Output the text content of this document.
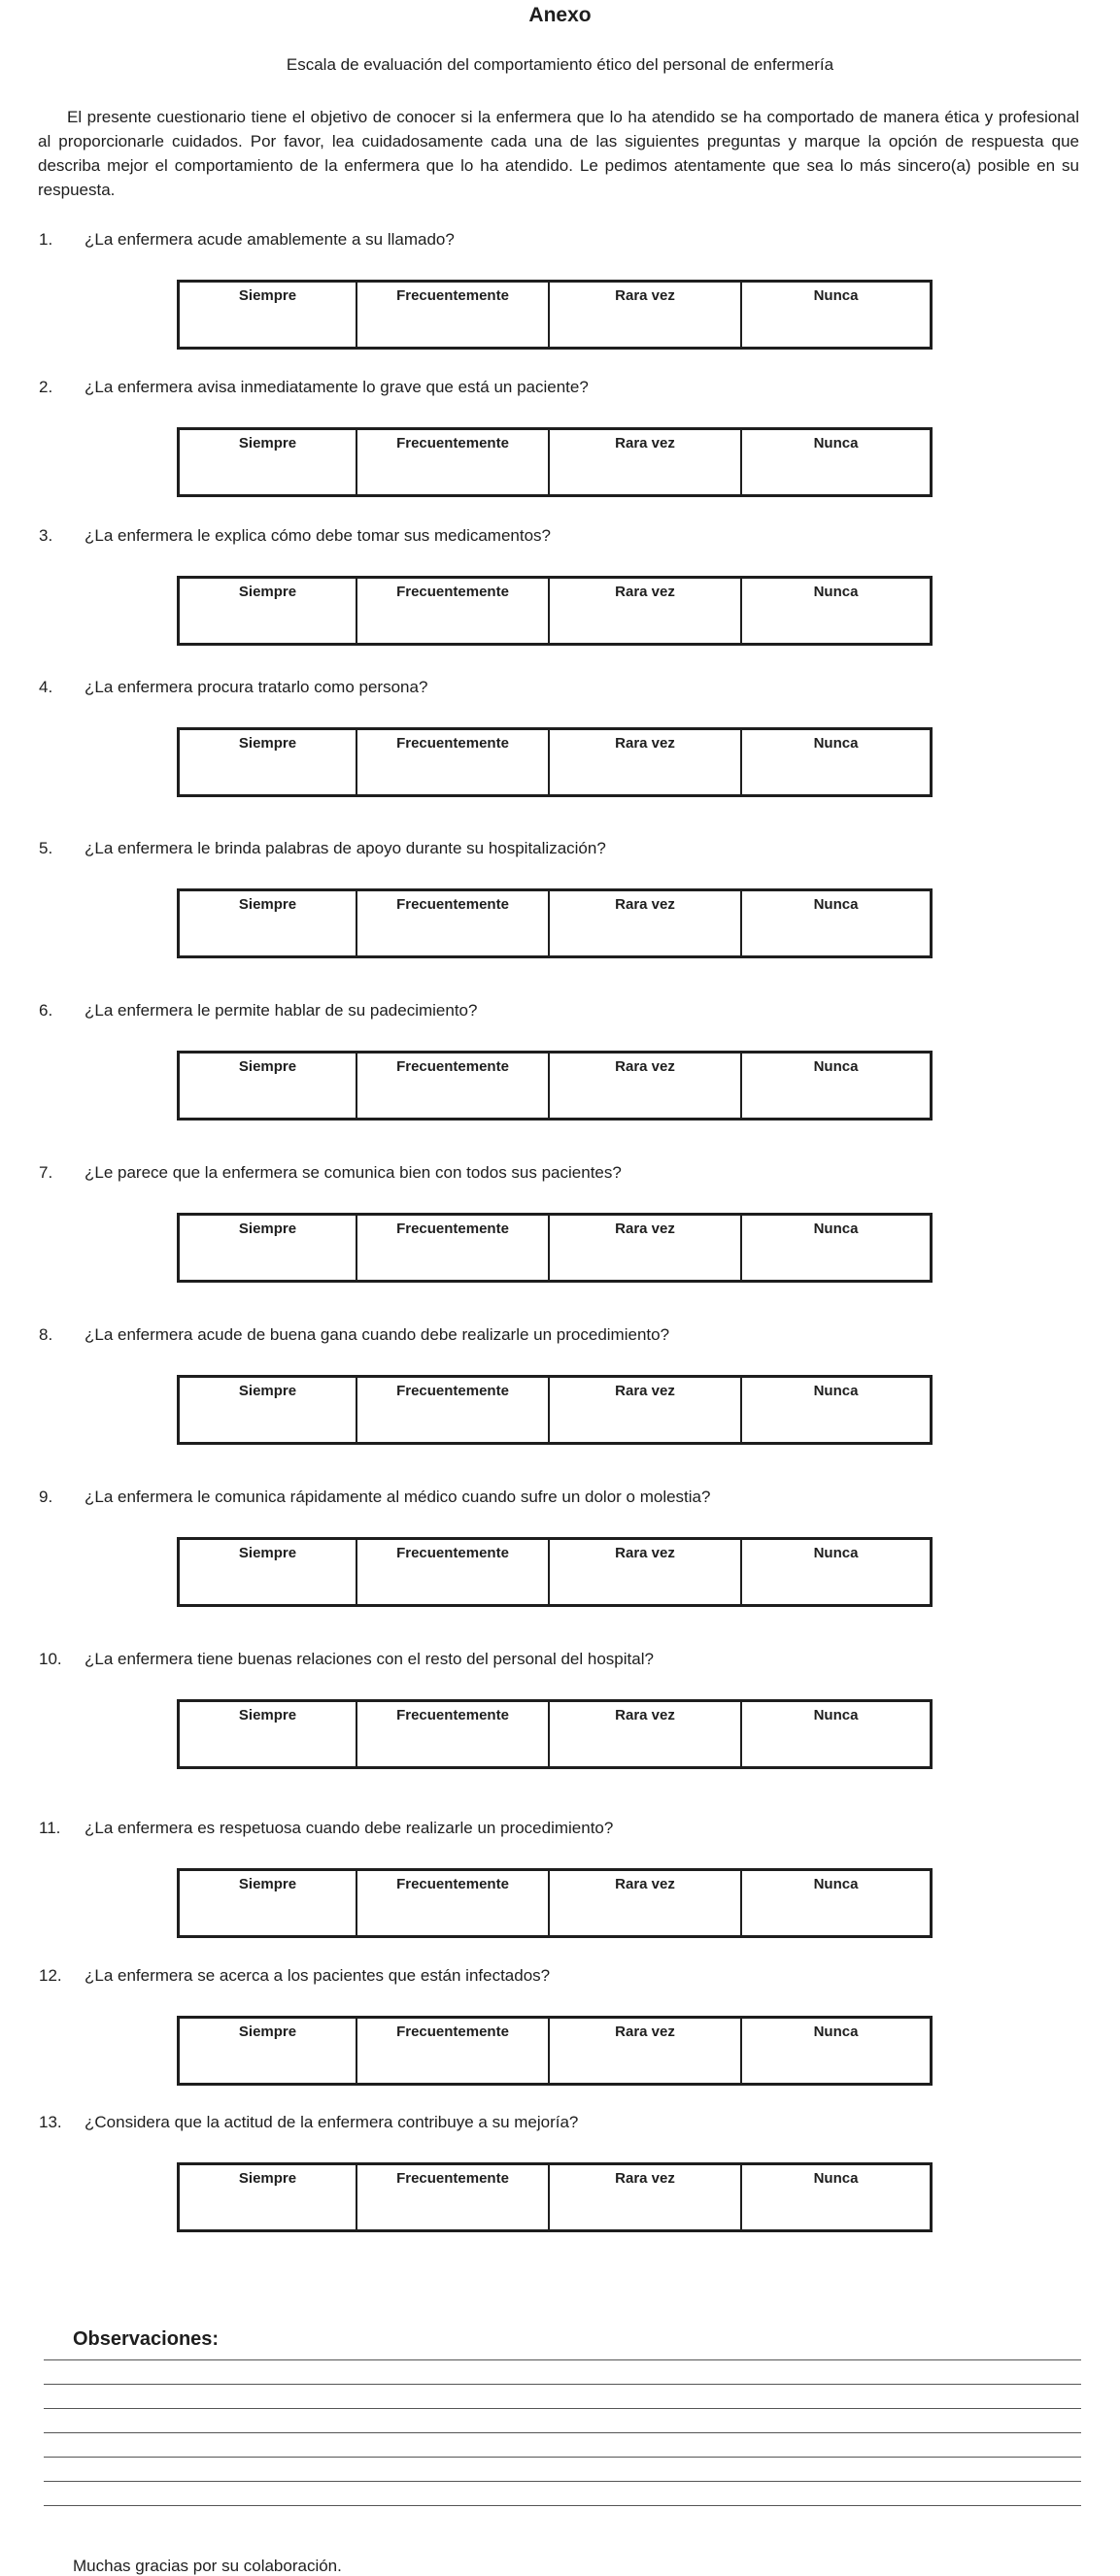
Anexo
Escala de evaluación del comportamiento ético del personal de enfermería

El presente cuestionario tiene el objetivo de conocer si la enfermera que lo ha atendido se ha comportado de manera ética y profesional al proporcionarle cuidados. Por favor, lea cuidadosamente cada una de las siguientes preguntas y marque la opción de respuesta que describa mejor el comportamiento de la enfermera que lo ha atendido. Le pedimos atentamente que sea lo más sincero(a) posible en su respuesta.

1. ¿La enfermera acude amablemente a su llamado?
Siempre	Frecuentemente	Rara vez	Nunca
2. ¿La enfermera avisa inmediatamente lo grave que está un paciente?
Siempre	Frecuentemente	Rara vez	Nunca
3. ¿La enfermera le explica cómo debe tomar sus medicamentos?
Siempre	Frecuentemente	Rara vez	Nunca
4. ¿La enfermera procura tratarlo como persona?
Siempre	Frecuentemente	Rara vez	Nunca
5. ¿La enfermera le brinda palabras de apoyo durante su hospitalización?
Siempre	Frecuentemente	Rara vez	Nunca
6. ¿La enfermera le permite hablar de su padecimiento?
Siempre	Frecuentemente	Rara vez	Nunca
7. ¿Le parece que la enfermera se comunica bien con todos sus pacientes?
Siempre	Frecuentemente	Rara vez	Nunca
8. ¿La enfermera acude de buena gana cuando debe realizarle un procedimiento?
Siempre	Frecuentemente	Rara vez	Nunca
9. ¿La enfermera le comunica rápidamente al médico cuando sufre un dolor o molestia?
Siempre	Frecuentemente	Rara vez	Nunca
10. ¿La enfermera tiene buenas relaciones con el resto del personal del hospital?
Siempre	Frecuentemente	Rara vez	Nunca
11. ¿La enfermera es respetuosa cuando debe realizarle un procedimiento?
Siempre	Frecuentemente	Rara vez	Nunca
12. ¿La enfermera se acerca a los pacientes que están infectados?
Siempre	Frecuentemente	Rara vez	Nunca
13. ¿Considera que la actitud de la enfermera contribuye a su mejoría?
Siempre	Frecuentemente	Rara vez	Nunca
Observaciones:
Muchas gracias por su colaboración.
